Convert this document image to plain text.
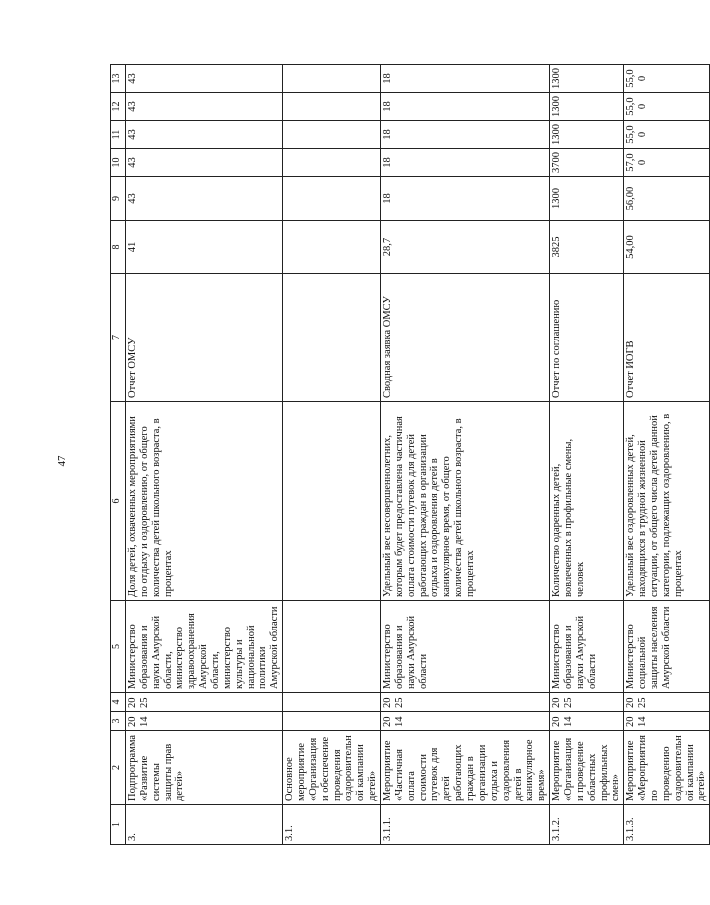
47
1	2	3	4	5	6	7	8	9	10	11	12	13
3.	Подпрограмма «Развитие системы защиты прав детей»	2014	2025	Министерство образования и науки Амурской области, министерство здравоохранения Амурской области, министерство культуры и национальной политики Амурской области	Доля детей, охваченных мероприятиями по отдыху и оздоровлению, от общего количества детей школьного возраста, в процентах	Отчет ОМСУ	41	43	43	43	43	43
3.1.	Основное мероприятие «Организация и обеспечение проведения оздоровительной кампании детей»											
3.1.1.	Мероприятие «Частичная оплата стоимости путевок для детей работающих граждан в организации отдыха и оздоровления детей в каникулярное время»	2014	2025	Министерство образования и науки Амурской области	Удельный вес несовершеннолетних, которым будет предоставлена частичная оплата стоимости путевок для детей работающих граждан в организации отдыха и оздоровления детей в каникулярное время, от общего количества детей школьного возраста, в процентах	Сводная заявка ОМСУ	28,7	18	18	18	18	18
3.1.2.	Мероприятие «Организация и проведение областных профильных смен»	2014	2025	Министерство образования и науки Амурской области	Количество одаренных детей, вовлеченных в профильные смены, человек	Отчет по соглашению	3825	1300	3700	1300	1300	1300
3.1.3.	Мероприятие «Мероприятия по проведению оздоровительной кампании детей»	2014	2025	Министерство социальной защиты населения Амурской области	Удельный вес оздоровленных детей, находящихся в трудной жизненной ситуации, от общего числа детей данной категории, подлежащих оздоровлению, в процентах	Отчет ИОГВ	54,00	56,00	57,00	55,00	55,00	55,00
